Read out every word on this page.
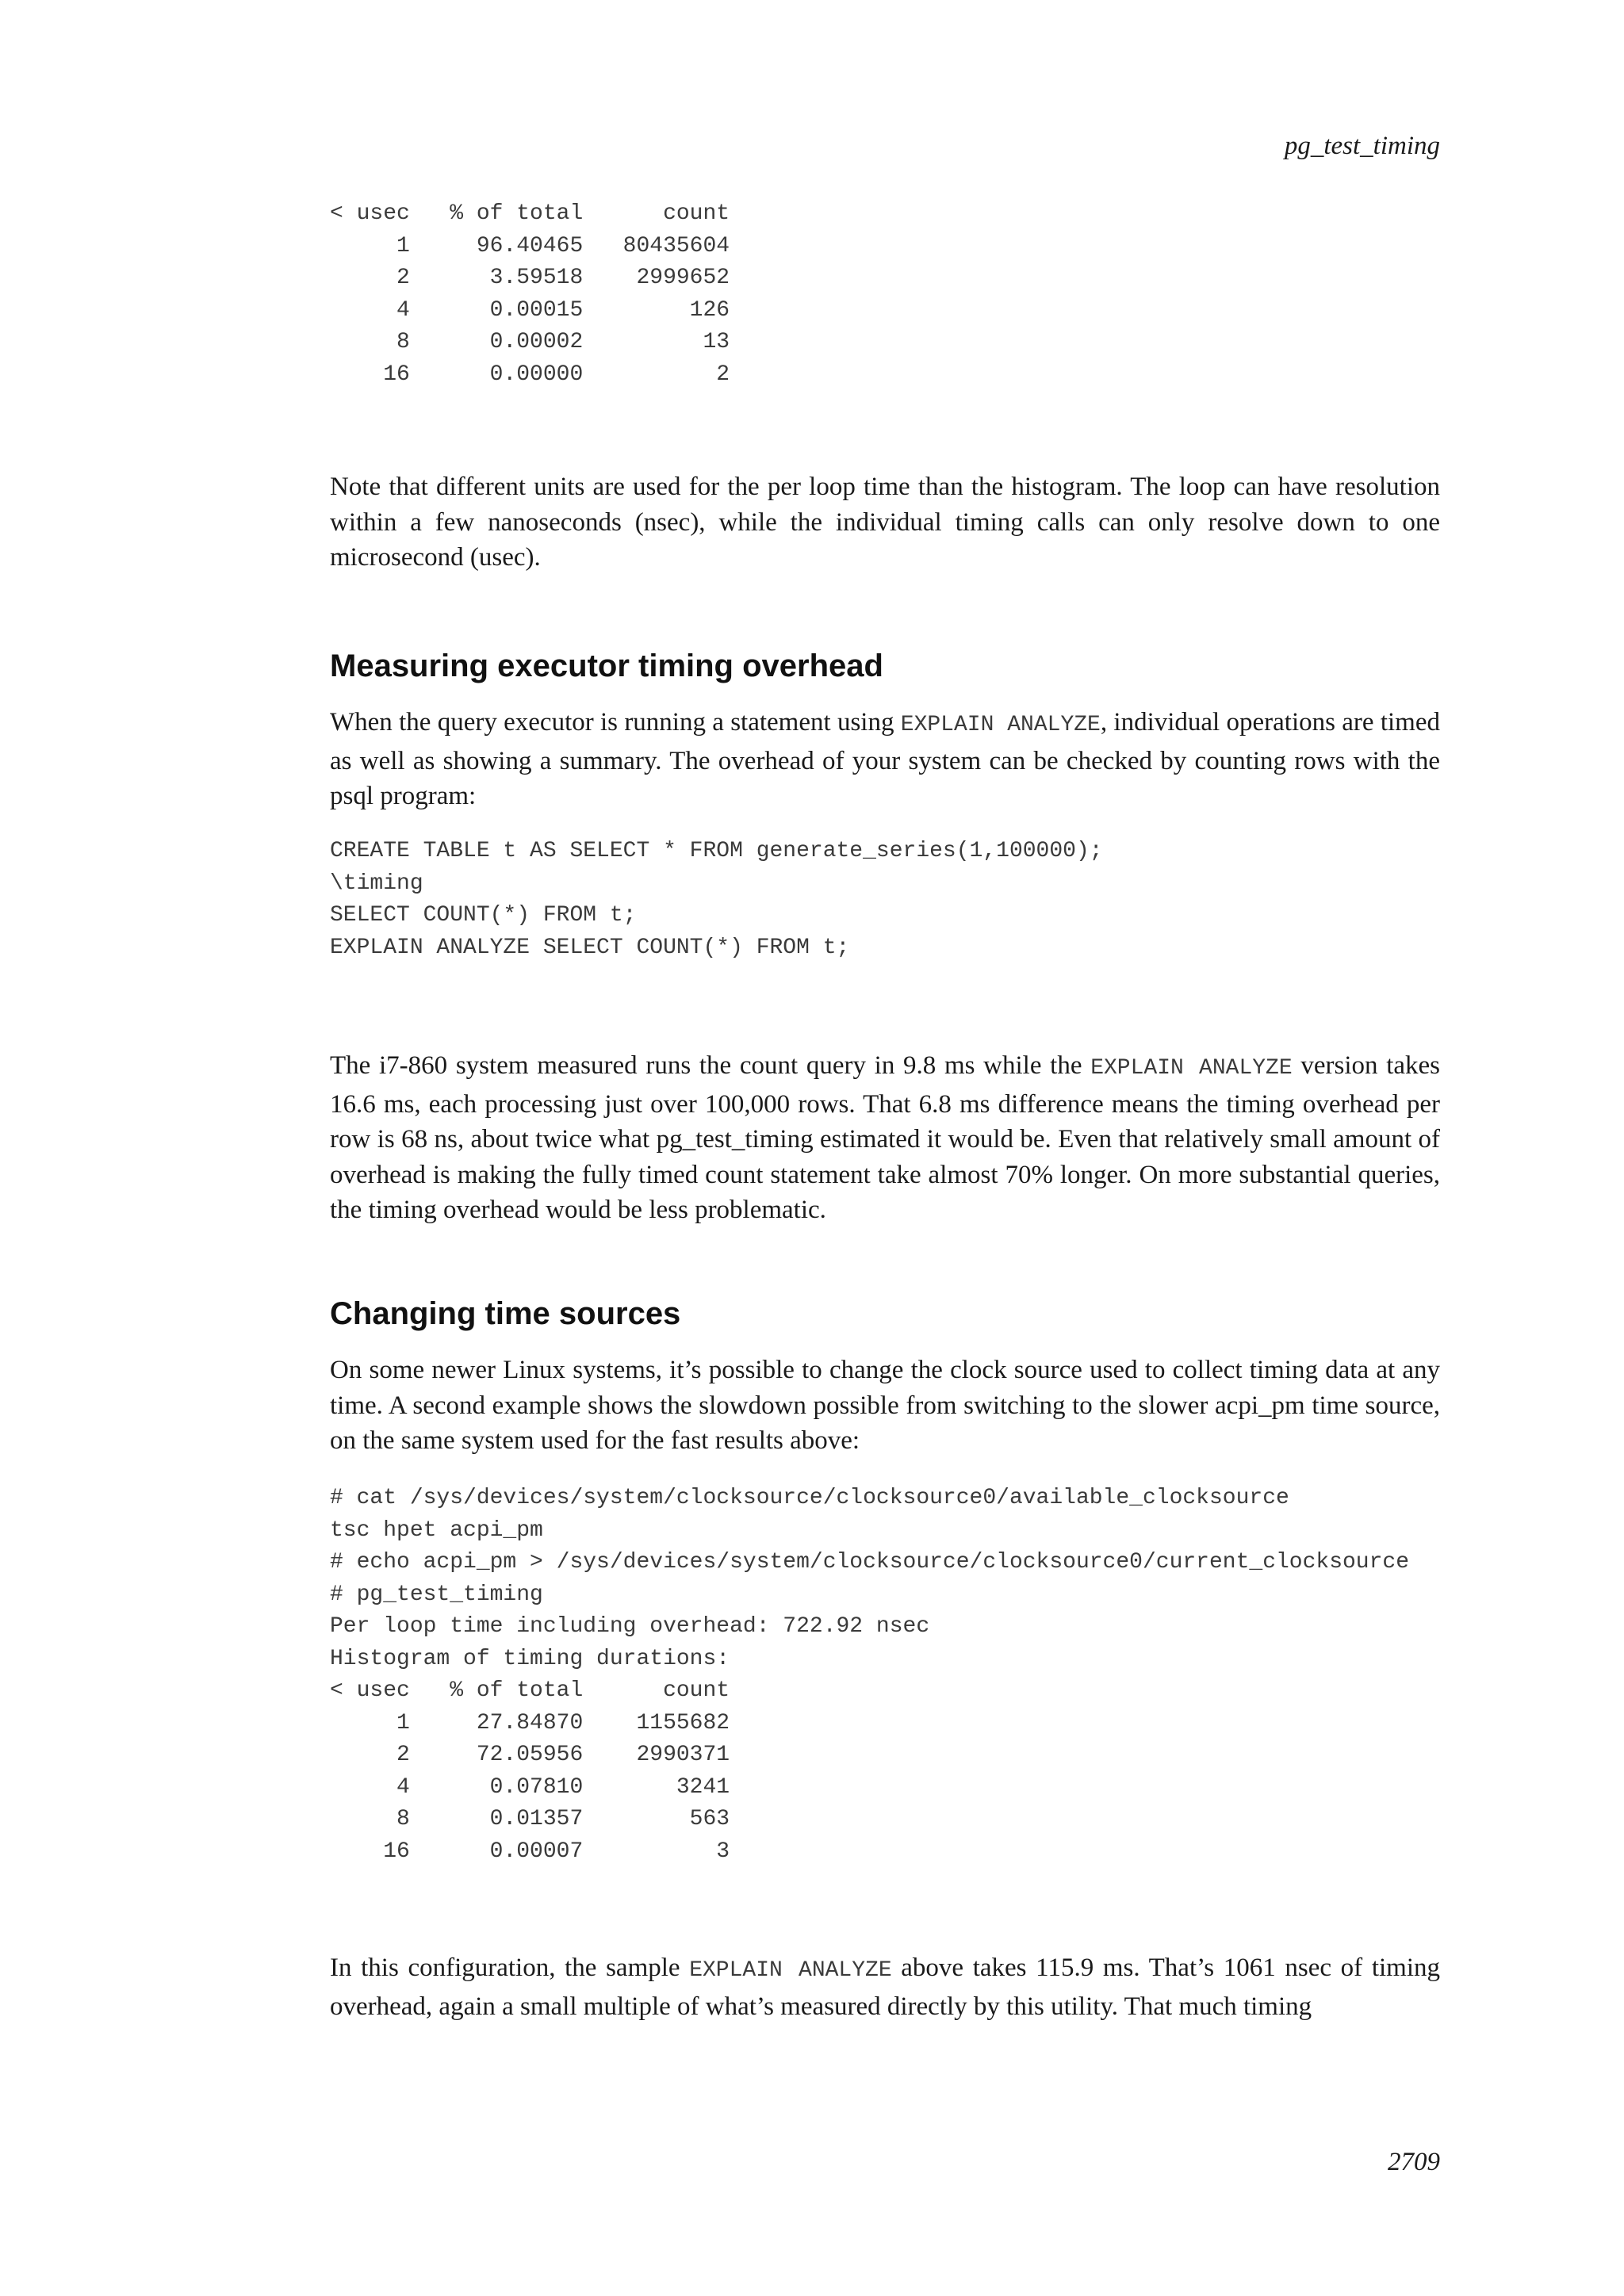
pg_test_timing
< usec   % of total      count
1     96.40465   80435604
2      3.59518    2999652
4      0.00015        126
8      0.00002         13
16      0.00000          2

Note that different units are used for the per loop time than the histogram. The loop can have resolution within a few nanoseconds (nsec), while the individual timing calls can only resolve down to one microsecond (usec).

Measuring executor timing overhead

When the query executor is running a statement using EXPLAIN ANALYZE, individual operations are timed as well as showing a summary. The overhead of your system can be checked by counting rows with the psql program:

CREATE TABLE t AS SELECT * FROM generate_series(1,100000);
\timing
SELECT COUNT(*) FROM t;
EXPLAIN ANALYZE SELECT COUNT(*) FROM t;

The i7-860 system measured runs the count query in 9.8 ms while the EXPLAIN ANALYZE version takes 16.6 ms, each processing just over 100,000 rows. That 6.8 ms difference means the timing overhead per row is 68 ns, about twice what pg_test_timing estimated it would be. Even that relatively small amount of overhead is making the fully timed count statement take almost 70% longer. On more substantial queries, the timing overhead would be less problematic.

Changing time sources

On some newer Linux systems, it’s possible to change the clock source used to collect timing data at any time. A second example shows the slowdown possible from switching to the slower acpi_pm time source, on the same system used for the fast results above:

# cat /sys/devices/system/clocksource/clocksource0/available_clocksource
tsc hpet acpi_pm
# echo acpi_pm > /sys/devices/system/clocksource/clocksource0/current_clocksource
# pg_test_timing
Per loop time including overhead: 722.92 nsec
Histogram of timing durations:
< usec   % of total      count
1     27.84870    1155682
2     72.05956    2990371
4      0.07810       3241
8      0.01357        563
16      0.00007          3

In this configuration, the sample EXPLAIN ANALYZE above takes 115.9 ms. That’s 1061 nsec of timing overhead, again a small multiple of what’s measured directly by this utility. That much timing

2709
